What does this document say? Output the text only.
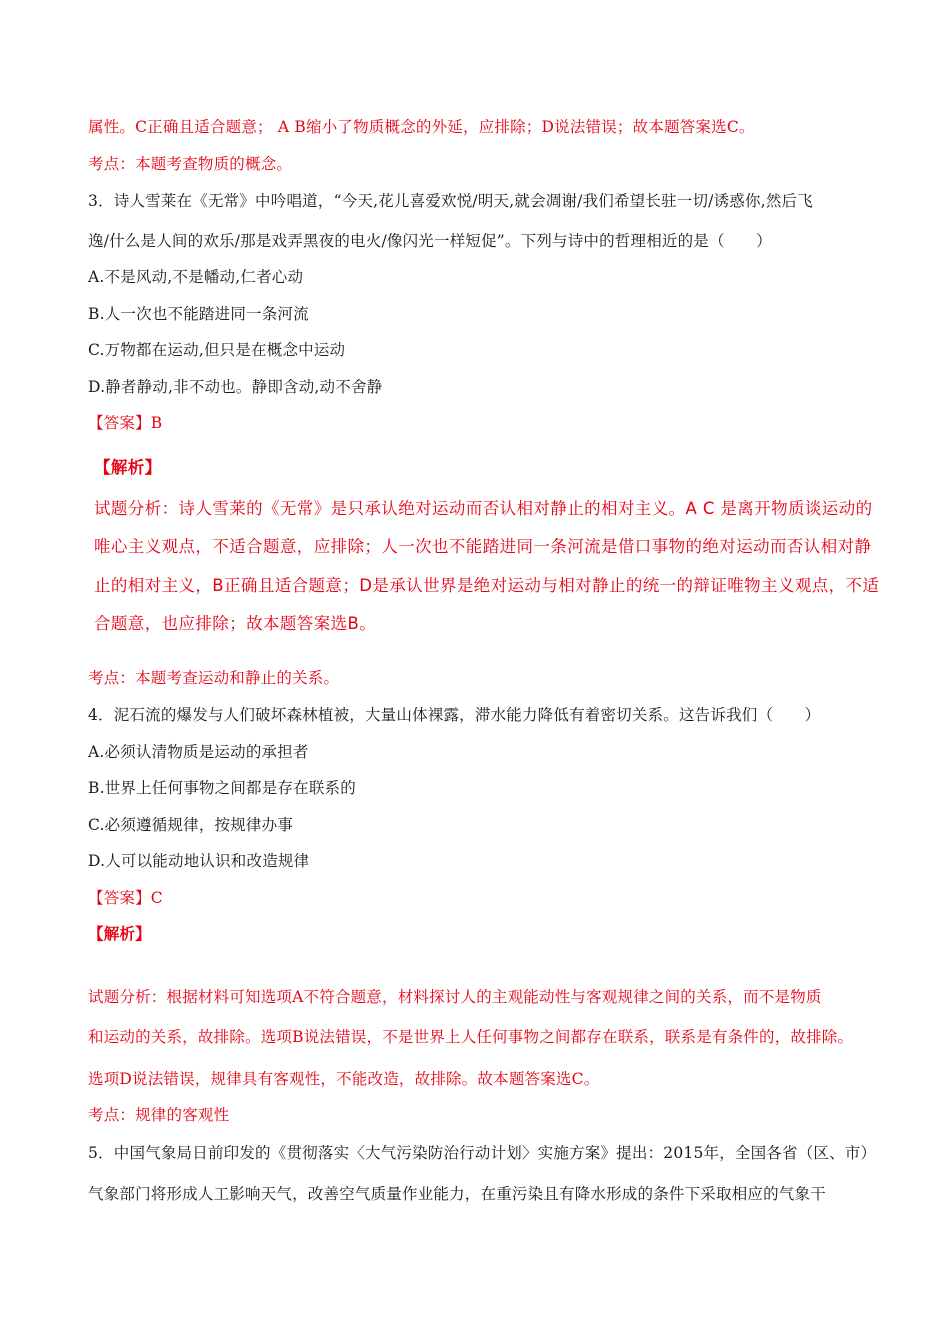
属性。C正确且适合题意； A B缩小了物质概念的外延，应排除；D说法错误；故本题答案选C。

考点：本题考查物质的概念。

3．诗人雪莱在《无常》中吟唱道，“今天,花儿喜爱欢悦/明天,就会凋谢/我们希望长驻一切/诱惑你,然后飞

逸/什么是人间的欢乐/那是戏弄黑夜的电火/像闪光一样短促”。下列与诗中的哲理相近的是（　　）

A.不是风动,不是幡动,仁者心动

B.人一次也不能踏进同一条河流

C.万物都在运动,但只是在概念中运动

D.静者静动,非不动也。静即含动,动不舍静

【答案】B

【解析】

试题分析：诗人雪莱的《无常》是只承认绝对运动而否认相对静止的相对主义。A C 是离开物质谈运动的

唯心主义观点，不适合题意，应排除；人一次也不能踏进同一条河流是借口事物的绝对运动而否认相对静

止的相对主义，B正确且适合题意；D是承认世界是绝对运动与相对静止的统一的辩证唯物主义观点，不适

合题意，也应排除；故本题答案选B。

考点：本题考查运动和静止的关系。

4．泥石流的爆发与人们破坏森林植被，大量山体裸露，滞水能力降低有着密切关系。这告诉我们（　　）

A.必须认清物质是运动的承担者

B.世界上任何事物之间都是存在联系的

C.必须遵循规律，按规律办事

D.人可以能动地认识和改造规律

【答案】C

【解析】

试题分析：根据材料可知选项A不符合题意，材料探讨人的主观能动性与客观规律之间的关系，而不是物质

和运动的关系，故排除。选项B说法错误，不是世界上人任何事物之间都存在联系，联系是有条件的，故排除。

选项D说法错误，规律具有客观性，不能改造，故排除。故本题答案选C。

考点：规律的客观性

5．中国气象局日前印发的《贯彻落实〈大气污染防治行动计划〉实施方案》提出：2015年，全国各省（区、市）

气象部门将形成人工影响天气，改善空气质量作业能力，在重污染且有降水形成的条件下采取相应的气象干
